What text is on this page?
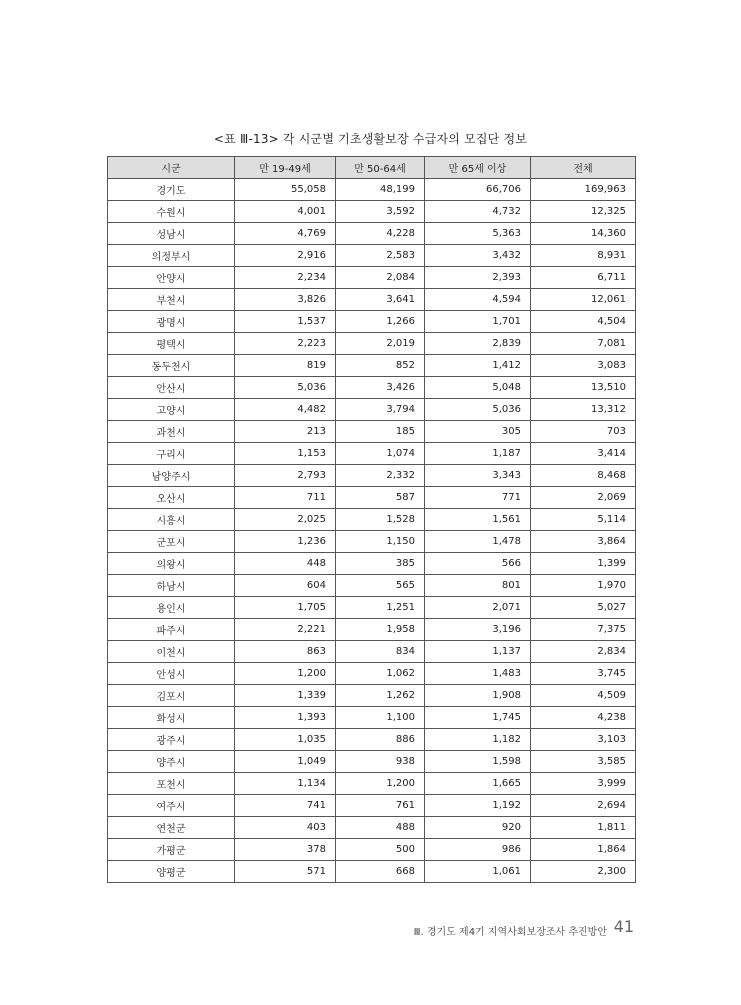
<표 Ⅲ-13> 각 시군별 기초생활보장 수급자의 모집단 정보
시군	만 19-49세	만 50-64세	만 65세 이상	전체
경기도	55,058	48,199	66,706	169,963
수원시	4,001	3,592	4,732	12,325
성남시	4,769	4,228	5,363	14,360
의정부시	2,916	2,583	3,432	8,931
안양시	2,234	2,084	2,393	6,711
부천시	3,826	3,641	4,594	12,061
광명시	1,537	1,266	1,701	4,504
평택시	2,223	2,019	2,839	7,081
동두천시	819	852	1,412	3,083
안산시	5,036	3,426	5,048	13,510
고양시	4,482	3,794	5,036	13,312
과천시	213	185	305	703
구리시	1,153	1,074	1,187	3,414
남양주시	2,793	2,332	3,343	8,468
오산시	711	587	771	2,069
시흥시	2,025	1,528	1,561	5,114
군포시	1,236	1,150	1,478	3,864
의왕시	448	385	566	1,399
하남시	604	565	801	1,970
용인시	1,705	1,251	2,071	5,027
파주시	2,221	1,958	3,196	7,375
이천시	863	834	1,137	2,834
안성시	1,200	1,062	1,483	3,745
김포시	1,339	1,262	1,908	4,509
화성시	1,393	1,100	1,745	4,238
광주시	1,035	886	1,182	3,103
양주시	1,049	938	1,598	3,585
포천시	1,134	1,200	1,665	3,999
여주시	741	761	1,192	2,694
연천군	403	488	920	1,811
가평군	378	500	986	1,864
양평군	571	668	1,061	2,300
Ⅲ. 경기도 제4기 지역사회보장조사 추진방안 41
